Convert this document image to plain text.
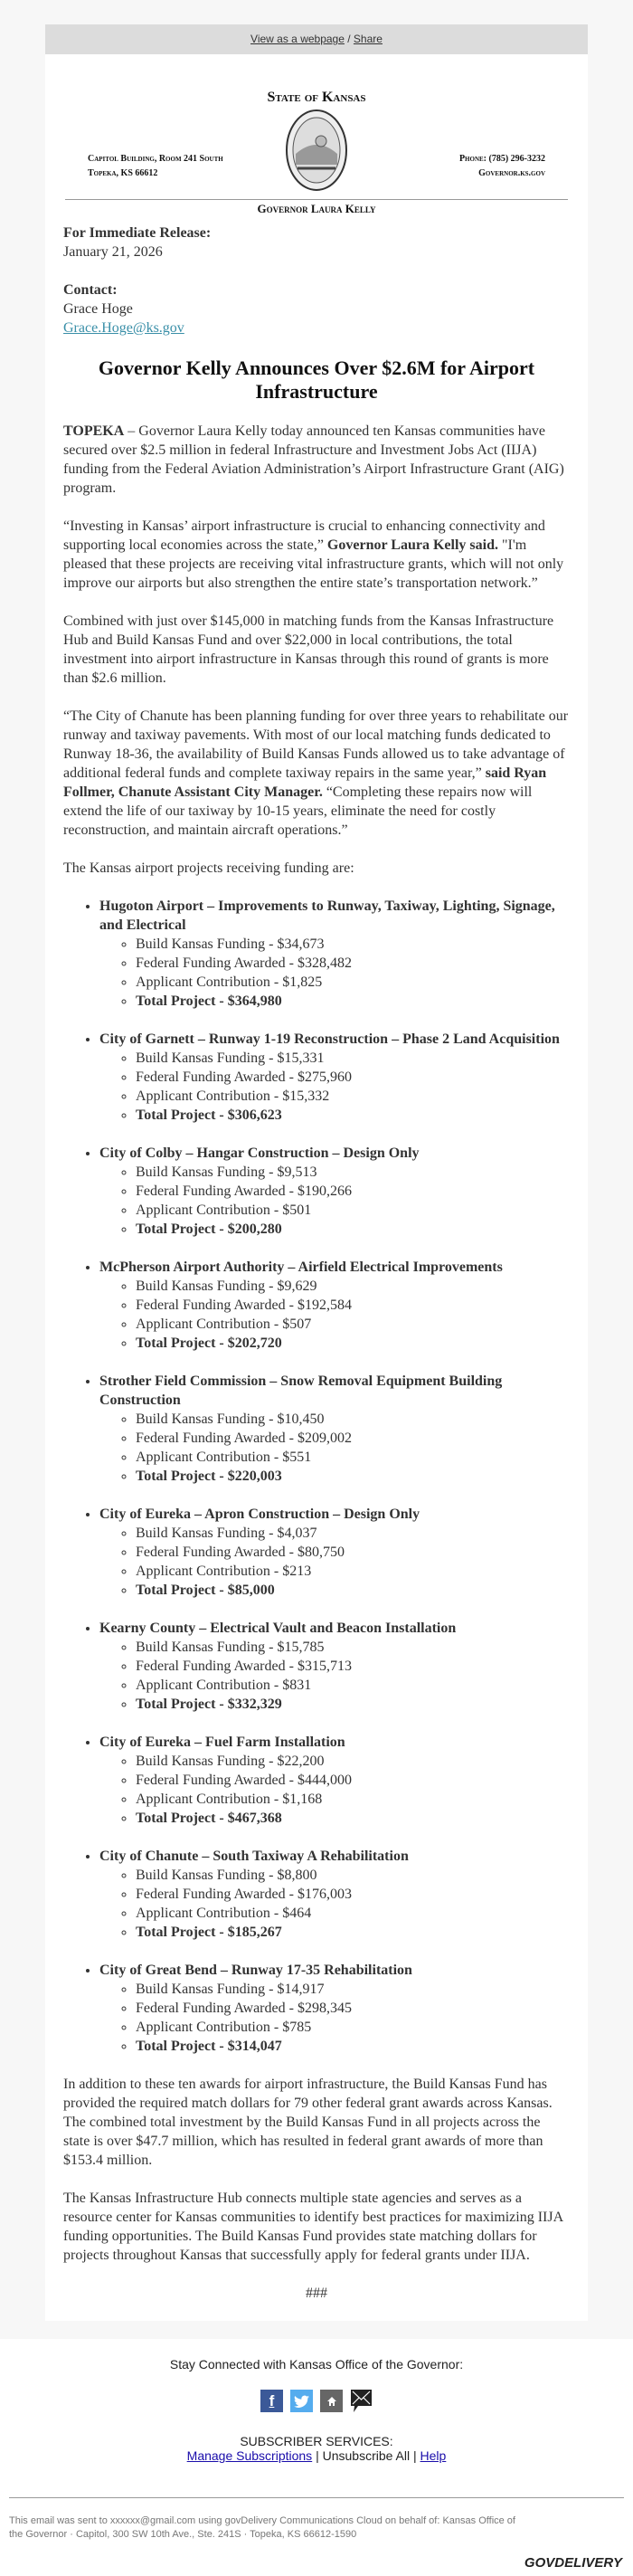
View as a webpage / Share
State of Kansas
Capitol Building, Room 241 South
Topeka, KS 66612
Phone: (785) 296-3232
Governor.ks.gov
Governor Laura Kelly

For Immediate Release:
January 21, 2026

Contact:
Grace Hoge
Grace.Hoge@ks.gov

Governor Kelly Announces Over $2.6M for Airport Infrastructure

TOPEKA – Governor Laura Kelly today announced ten Kansas communities have secured over $2.5 million in federal Infrastructure and Investment Jobs Act (IIJA) funding from the Federal Aviation Administration’s Airport Infrastructure Grant (AIG) program.

“Investing in Kansas’ airport infrastructure is crucial to enhancing connectivity and supporting local economies across the state,” Governor Laura Kelly said. "I'm pleased that these projects are receiving vital infrastructure grants, which will not only improve our airports but also strengthen the entire state’s transportation network.”

Combined with just over $145,000 in matching funds from the Kansas Infrastructure Hub and Build Kansas Fund and over $22,000 in local contributions, the total investment into airport infrastructure in Kansas through this round of grants is more than $2.6 million.

“The City of Chanute has been planning funding for over three years to rehabilitate our runway and taxiway pavements. With most of our local matching funds dedicated to Runway 18-36, the availability of Build Kansas Funds allowed us to take advantage of additional federal funds and complete taxiway repairs in the same year,” said Ryan Follmer, Chanute Assistant City Manager. “Completing these repairs now will extend the life of our taxiway by 10-15 years, eliminate the need for costly reconstruction, and maintain aircraft operations.”

The Kansas airport projects receiving funding are:

• Hugoton Airport – Improvements to Runway, Taxiway, Lighting, Signage, and Electrical
◦ Build Kansas Funding - $34,673
◦ Federal Funding Awarded - $328,482
◦ Applicant Contribution - $1,825
◦ Total Project - $364,980
• City of Garnett – Runway 1-19 Reconstruction – Phase 2 Land Acquisition
◦ Build Kansas Funding - $15,331
◦ Federal Funding Awarded - $275,960
◦ Applicant Contribution - $15,332
◦ Total Project - $306,623
• City of Colby – Hangar Construction – Design Only
◦ Build Kansas Funding - $9,513
◦ Federal Funding Awarded - $190,266
◦ Applicant Contribution - $501
◦ Total Project - $200,280
• McPherson Airport Authority – Airfield Electrical Improvements
◦ Build Kansas Funding - $9,629
◦ Federal Funding Awarded - $192,584
◦ Applicant Contribution - $507
◦ Total Project - $202,720
• Strother Field Commission – Snow Removal Equipment Building Construction
◦ Build Kansas Funding - $10,450
◦ Federal Funding Awarded - $209,002
◦ Applicant Contribution - $551
◦ Total Project - $220,003
• City of Eureka – Apron Construction – Design Only
◦ Build Kansas Funding - $4,037
◦ Federal Funding Awarded - $80,750
◦ Applicant Contribution - $213
◦ Total Project - $85,000
• Kearny County – Electrical Vault and Beacon Installation
◦ Build Kansas Funding - $15,785
◦ Federal Funding Awarded - $315,713
◦ Applicant Contribution - $831
◦ Total Project - $332,329
• City of Eureka – Fuel Farm Installation
◦ Build Kansas Funding - $22,200
◦ Federal Funding Awarded - $444,000
◦ Applicant Contribution - $1,168
◦ Total Project - $467,368
• City of Chanute – South Taxiway A Rehabilitation
◦ Build Kansas Funding - $8,800
◦ Federal Funding Awarded - $176,003
◦ Applicant Contribution - $464
◦ Total Project - $185,267
• City of Great Bend – Runway 17-35 Rehabilitation
◦ Build Kansas Funding - $14,917
◦ Federal Funding Awarded - $298,345
◦ Applicant Contribution - $785
◦ Total Project - $314,047

In addition to these ten awards for airport infrastructure, the Build Kansas Fund has provided the required match dollars for 79 other federal grant awards across Kansas. The combined total investment by the Build Kansas Fund in all projects across the state is over $47.7 million, which has resulted in federal grant awards of more than $153.4 million.

The Kansas Infrastructure Hub connects multiple state agencies and serves as a resource center for Kansas communities to identify best practices for maximizing IIJA funding opportunities. The Build Kansas Fund provides state matching dollars for projects throughout Kansas that successfully apply for federal grants under IIJA.

###
Stay Connected with Kansas Office of the Governor:
f
SUBSCRIBER SERVICES:
Manage Subscriptions | Unsubscribe All | Help
This email was sent to xxxxxx@gmail.com using govDelivery Communications Cloud on behalf of: Kansas Office of the Governor · Capitol, 300 SW 10th Ave., Ste. 241S · Topeka, KS 66612-1590
GOVDELIVERY
